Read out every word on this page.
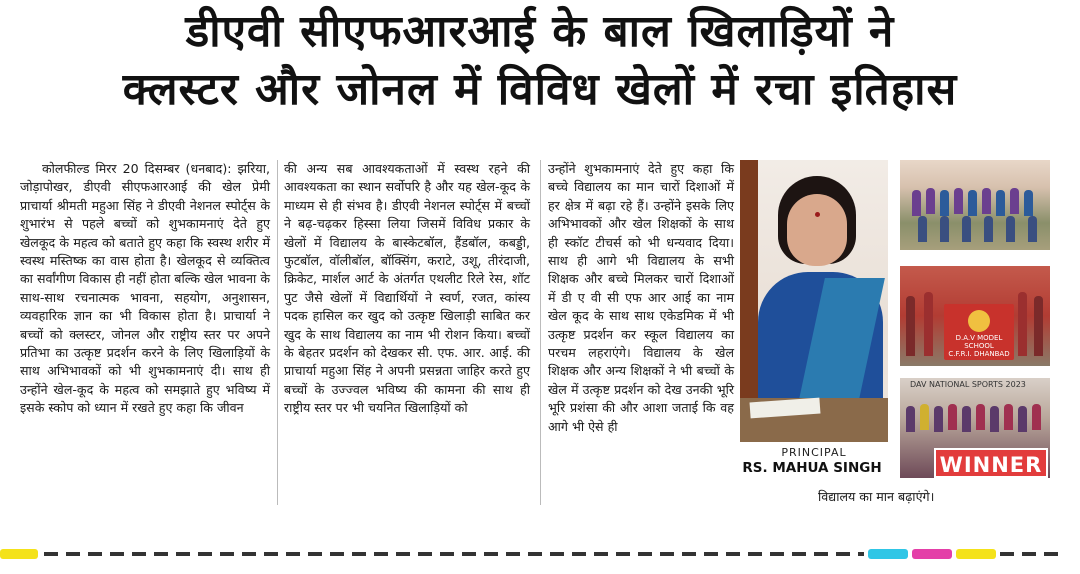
डीएवी सीएफआरआई के बाल खिलाड़ियों ने
क्लस्टर और जोनल में विविध खेलों में रचा इतिहास

कोलफील्ड मिरर 20 दिसम्बर (धनबाद): झरिया, जोड़ापोखर, डीएवी सीएफआरआई की खेल प्रेमी प्राचार्या श्रीमती महुआ सिंह ने डीएवी नेशनल स्पोर्ट्स के शुभारंभ से पहले बच्चों को शुभकामनाएं देते हुए खेलकूद के महत्व को बताते हुए कहा कि स्वस्थ शरीर में स्वस्थ मस्तिष्क का वास होता है। खेलकूद से व्यक्तित्व का सर्वांगीण विकास ही नहीं होता बल्कि खेल भावना के साथ-साथ रचनात्मक भावना, सहयोग, अनुशासन, व्यवहारिक ज्ञान का भी विकास होता है। प्राचार्या ने बच्चों को क्लस्टर, जोनल और राष्ट्रीय स्तर पर अपने प्रतिभा का उत्कृष्ट प्रदर्शन करने के लिए खिलाड़ियों के साथ अभिभावकों को भी शुभकामनाएं दी। साथ ही उन्होंने खेल-कूद के महत्व को समझाते हुए भविष्य में इसके स्कोप को ध्यान में रखते हुए कहा कि जीवन

की अन्य सब आवश्यकताओं में स्वस्थ रहने की आवश्यकता का स्थान सर्वोपरि है और यह खेल-कूद के माध्यम से ही संभव है। डीएवी नेशनल स्पोर्ट्स में बच्चों ने बढ़-चढ़कर हिस्सा लिया जिसमें विविध प्रकार के खेलों में विद्यालय के बास्केटबॉल, हैंडबॉल, कबड्डी, फुटबॉल, वॉलीबॉल, बॉक्सिंग, कराटे, उशू, तीरंदाजी, क्रिकेट, मार्शल आर्ट के अंतर्गत एथलीट रिले रेस, शॉट पुट जैसे खेलों में विद्यार्थियों ने स्वर्ण, रजत, कांस्य पदक हासिल कर खुद को उत्कृष्ट खिलाड़ी साबित कर खुद के साथ विद्यालय का नाम भी रोशन किया। बच्चों के बेहतर प्रदर्शन को देखकर सी. एफ. आर. आई. की प्राचार्या महुआ सिंह ने अपनी प्रसन्नता जाहिर करते हुए बच्चों के उज्ज्वल भविष्य की कामना की साथ ही राष्ट्रीय स्तर पर भी चयनित खिलाड़ियों को

उन्होंने शुभकामनाएं देते हुए कहा कि बच्चे विद्यालय का मान चारों दिशाओं में हर क्षेत्र में बढ़ा रहे हैं। उन्होंने इसके लिए अभिभावकों और खेल शिक्षकों के साथ ही स्कॉट टीचर्स को भी धन्यवाद दिया। साथ ही आगे भी विद्यालय के सभी शिक्षक और बच्चे मिलकर चारों दिशाओं में डी ए वी सी एफ आर आई का नाम खेल कूद के साथ साथ एकेडमिक में भी उत्कृष्ट प्रदर्शन कर स्कूल विद्यालय का परचम लहराएंगे। विद्यालय के खेल शिक्षक और अन्य शिक्षकों ने भी बच्चों के खेल में उत्कृष्ट प्रदर्शन को देख उनकी भूरि भूरि प्रशंसा की और आशा जताई कि वह आगे भी ऐसे ही

विद्यालय का मान बढ़ाएंगे।
PRINCIPAL
RS. MAHUA SINGH
D.A.V MODEL SCHOOL
C.F.R.I. DHANBAD
DAV NATIONAL SPORTS 2023
WINNER
